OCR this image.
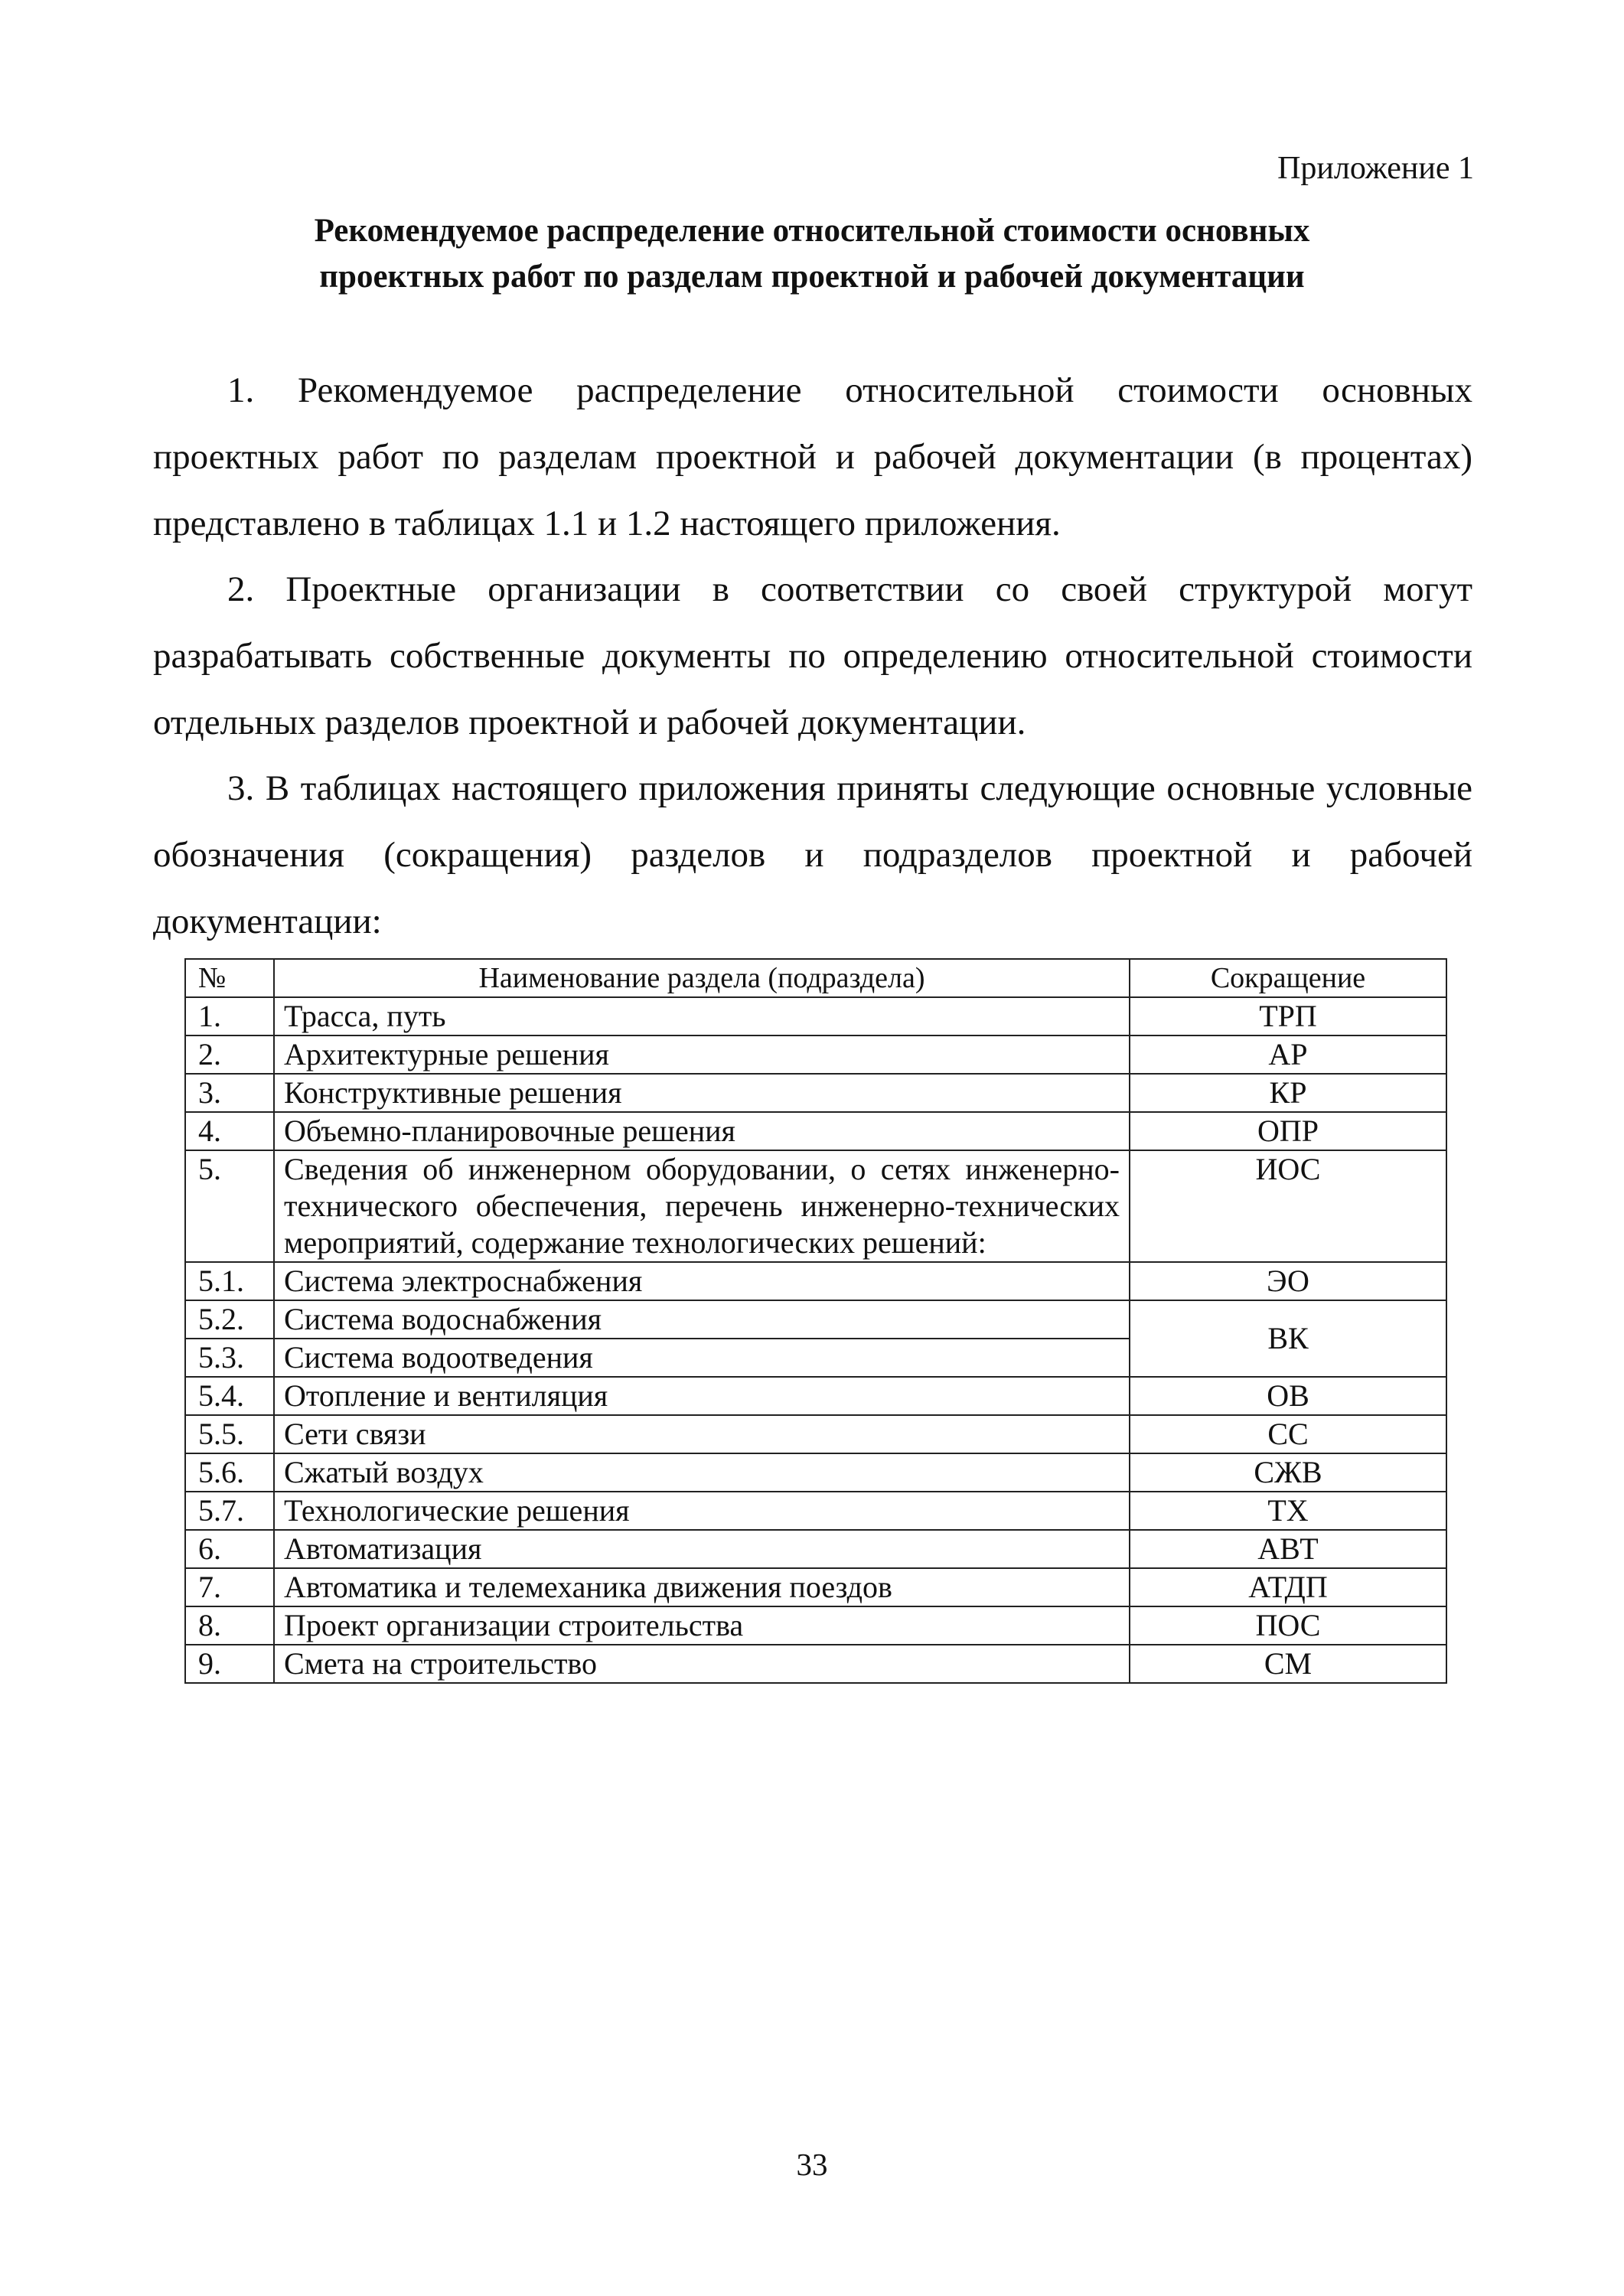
Приложение 1
Рекомендуемое распределение относительной стоимости основных
проектных работ по разделам проектной и рабочей документации

1. Рекомендуемое распределение относительной стоимости основных проектных работ по разделам проектной и рабочей документации (в процентах) представлено в таблицах 1.1 и 1.2 настоящего приложения.

2. Проектные организации в соответствии со своей структурой могут разрабатывать собственные документы по определению относительной стоимости отдельных разделов проектной и рабочей документации.

3. В таблицах настоящего приложения приняты следующие основные условные обозначения (сокращения) разделов и подразделов проектной и рабочей документации:

№	Наименование раздела (подраздела)	Сокращение
1.	Трасса, путь	ТРП
2.	Архитектурные решения	АР
3.	Конструктивные решения	КР
4.	Объемно-планировочные решения	ОПР
5.	Сведения об инженерном оборудовании, о сетях инженерно-технического обеспечения, перечень инженерно-технических мероприятий, содержание технологических решений:	ИОС
5.1.	Система электроснабжения	ЭО
5.2.	Система водоснабжения	ВК
5.3.	Система водоотведения	
5.4.	Отопление и вентиляция	ОВ
5.5.	Сети связи	СС
5.6.	Сжатый воздух	СЖВ
5.7.	Технологические решения	ТХ
6.	Автоматизация	АВТ
7.	Автоматика и телемеханика движения поездов	АТДП
8.	Проект организации строительства	ПОС
9.	Смета на строительство	СМ
33
